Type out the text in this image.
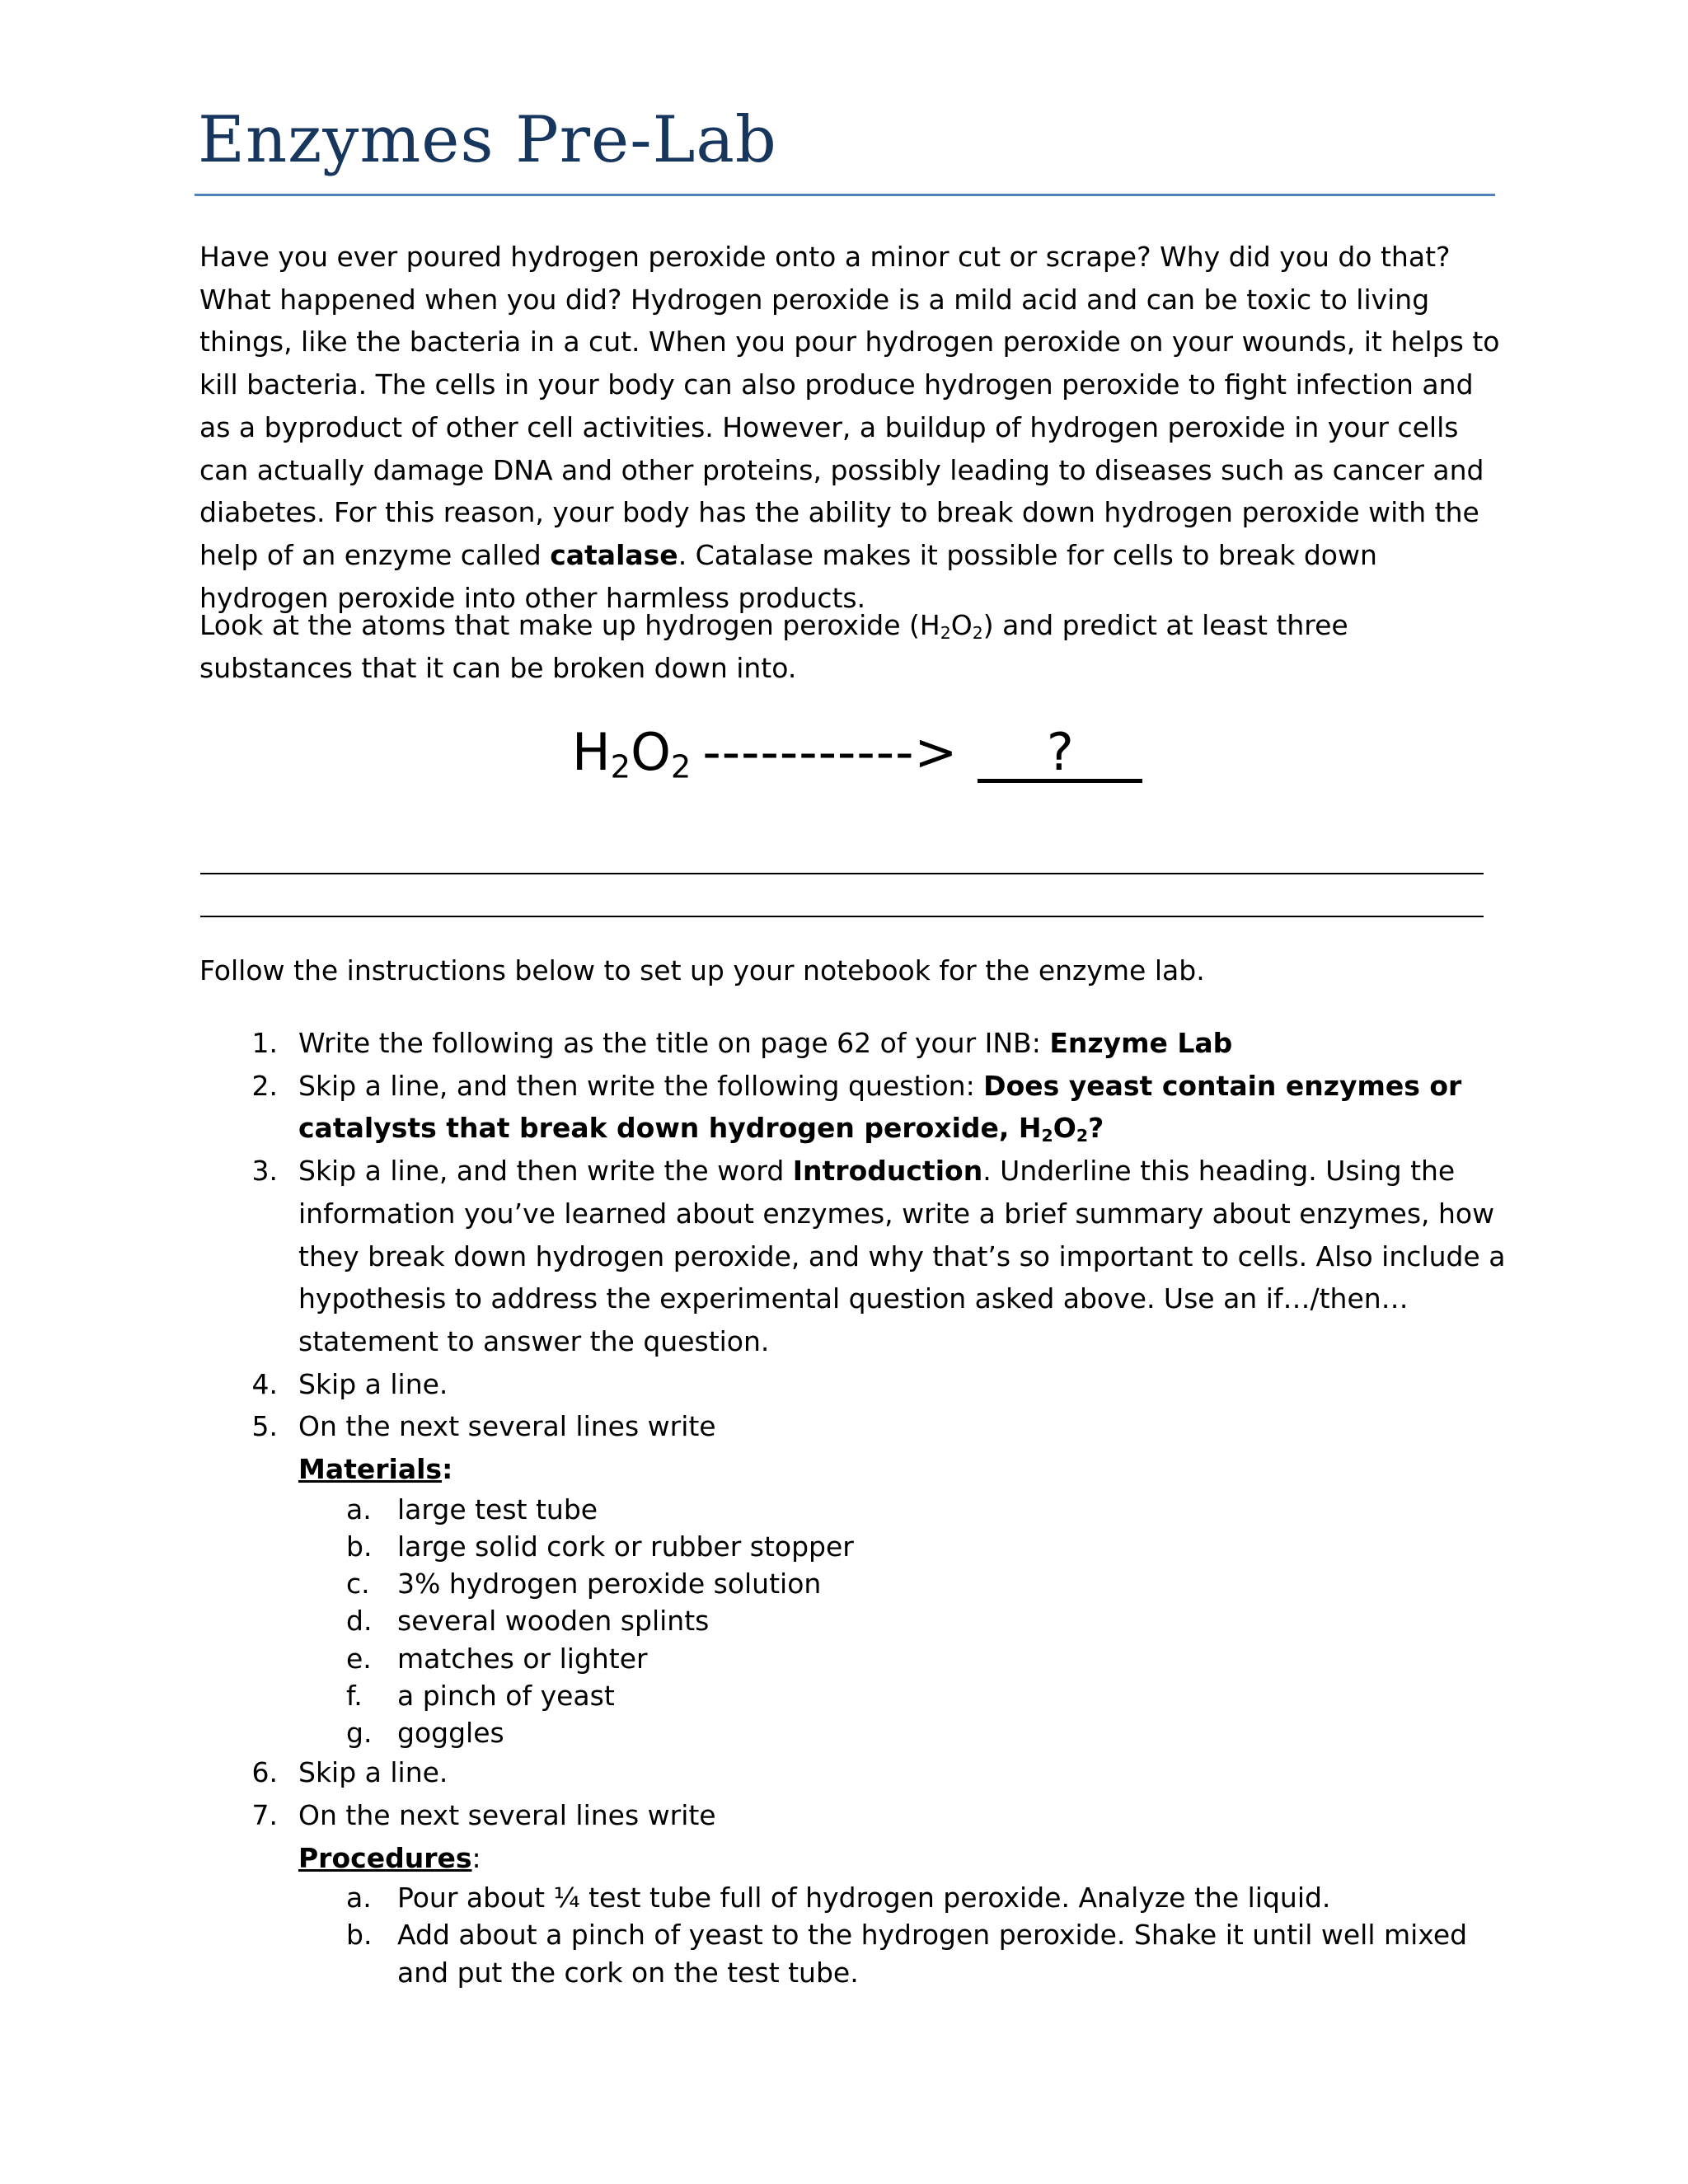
Enzymes Pre-Lab

Have you ever poured hydrogen peroxide onto a minor cut or scrape? Why did you do that? What happened when you did? Hydrogen peroxide is a mild acid and can be toxic to living things, like the bacteria in a cut. When you pour hydrogen peroxide on your wounds, it helps to kill bacteria. The cells in your body can also produce hydrogen peroxide to fight infection and as a byproduct of other cell activities. However, a buildup of hydrogen peroxide in your cells can actually damage DNA and other proteins, possibly leading to diseases such as cancer and diabetes. For this reason, your body has the ability to break down hydrogen peroxide with the help of an enzyme called catalase. Catalase makes it possible for cells to break down hydrogen peroxide into other harmless products.

Look at the atoms that make up hydrogen peroxide $(H_2O_2)$ and predict at least three substances that it can be broken down into.

$H_2O_2$ -----------> ?

Follow the instructions below to set up your notebook for the enzyme lab.

1. Write the following as the title on page 62 of your INB: Enzyme Lab
2. Skip a line, and then write the following question: Does yeast contain enzymes or catalysts that break down hydrogen peroxide, $H_2O_2$?
3. Skip a line, and then write the word Introduction. Underline this heading. Using the information you’ve learned about enzymes, write a brief summary about enzymes, how they break down hydrogen peroxide, and why that’s so important to cells. Also include a hypothesis to address the experimental question asked above. Use an if…/then… statement to answer the question.
4. Skip a line.
5. On the next several lines write
Materials:
a. large test tube
b. large solid cork or rubber stopper
c. 3% hydrogen peroxide solution
d. several wooden splints
e. matches or lighter
f. a pinch of yeast
g. goggles
6. Skip a line.
7. On the next several lines write
Procedures:
a. Pour about ¼ test tube full of hydrogen peroxide. Analyze the liquid.
b. Add about a pinch of yeast to the hydrogen peroxide. Shake it until well mixed and put the cork on the test tube.
